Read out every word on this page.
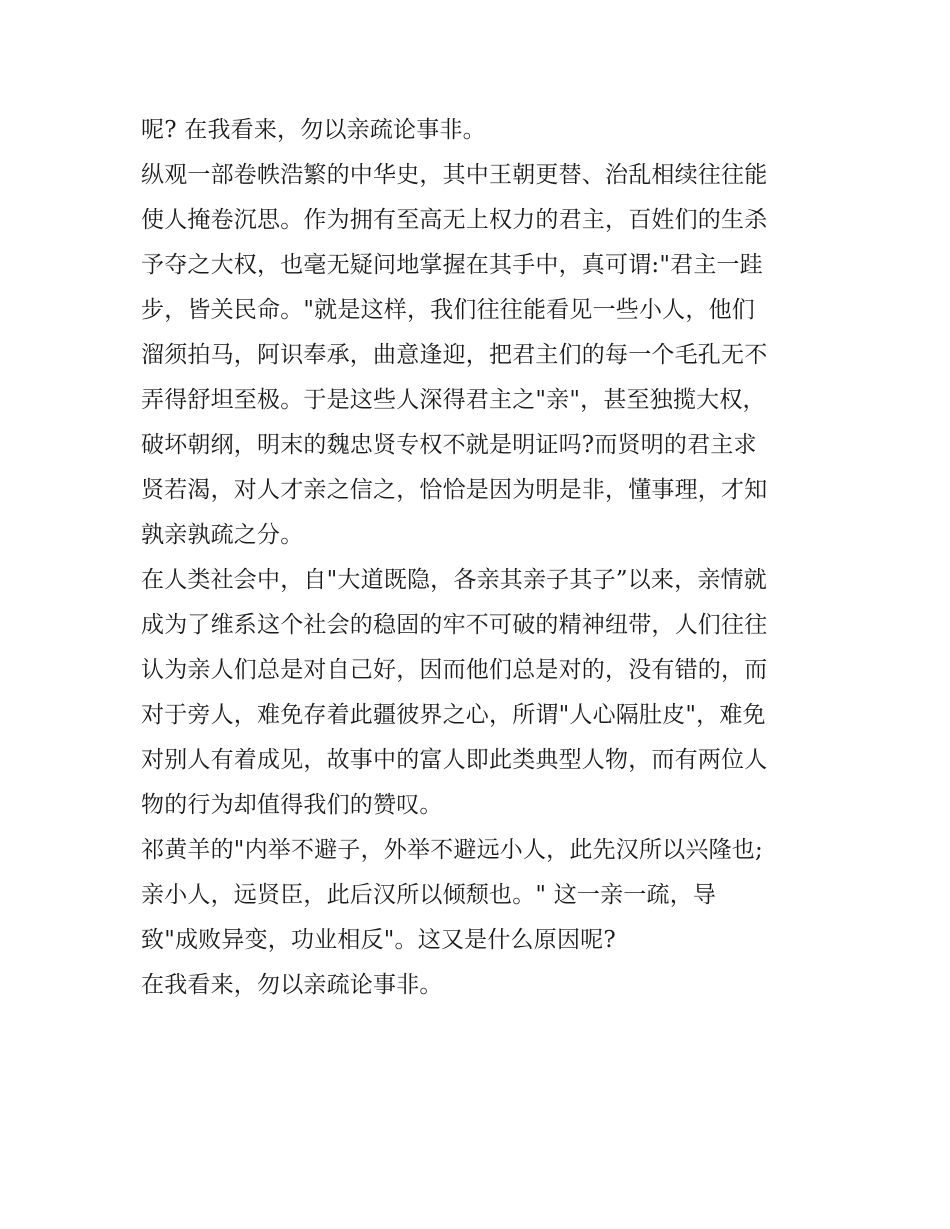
呢? 在我看来，勿以亲疏论事非。
纵观一部卷帙浩繁的中华史，其中王朝更替、治乱相续往往能
使人掩卷沉思。作为拥有至高无上权力的君主，百姓们的生杀
予夺之大权，也毫无疑问地掌握在其手中，真可谓:"君主一跬
步，皆关民命。"就是这样，我们往往能看见一些小人，他们
溜须拍马，阿识奉承，曲意逢迎，把君主们的每一个毛孔无不
弄得舒坦至极。于是这些人深得君主之"亲"，甚至独揽大权，
破坏朝纲，明末的魏忠贤专权不就是明证吗?而贤明的君主求
贤若渴，对人才亲之信之，恰恰是因为明是非，懂事理，才知
孰亲孰疏之分。
在人类社会中，自"大道既隐，各亲其亲子其子”以来，亲情就
成为了维系这个社会的稳固的牢不可破的精神纽带，人们往往
认为亲人们总是对自己好，因而他们总是对的，没有错的，而
对于旁人，难免存着此疆彼界之心，所谓"人心隔肚皮"，难免
对别人有着成见，故事中的富人即此类典型人物，而有两位人
物的行为却值得我们的赞叹。
祁黄羊的"内举不避子，外举不避远小人，此先汉所以兴隆也;
亲小人，远贤臣，此后汉所以倾颓也。" 这一亲一疏，导
致"成败异变，功业相反"。这又是什么原因呢?
在我看来，勿以亲疏论事非。
